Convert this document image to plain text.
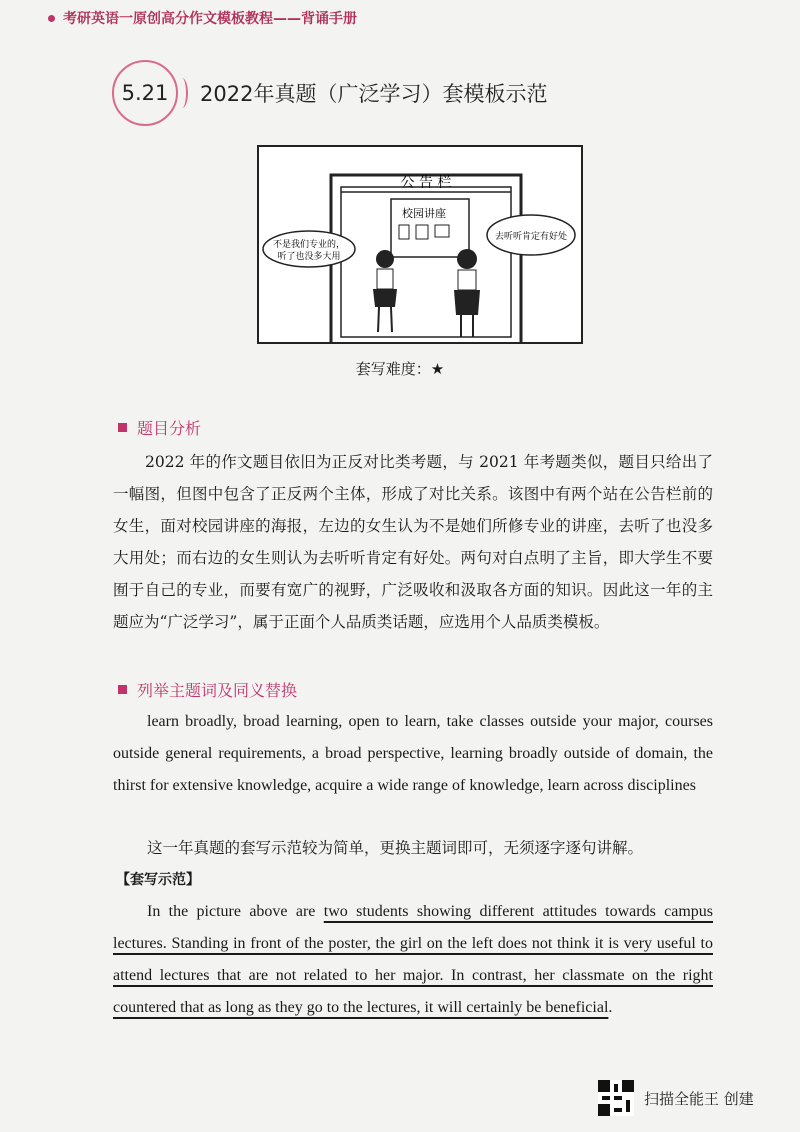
考研英语一原创高分作文模板教程——背诵手册
5.21	2022年真题（广泛学习）套模板示范
公 告 栏
校园讲座
不是我们专业的，
听了也没多大用
去听听肯定有好处
套写难度：★
题目分析
2022 年的作文题目依旧为正反对比类考题，与 2021 年考题类似，题目只给出了一幅图，但图中包含了正反两个主体，形成了对比关系。该图中有两个站在公告栏前的女生，面对校园讲座的海报，左边的女生认为不是她们所修专业的讲座，去听了也没多大用处；而右边的女生则认为去听听肯定有好处。两句对白点明了主旨，即大学生不要囿于自己的专业，而要有宽广的视野，广泛吸收和汲取各方面的知识。因此这一年的主题应为“广泛学习”，属于正面个人品质类话题，应选用个人品质类模板。
列举主题词及同义替换
learn broadly, broad learning, open to learn, take classes outside your major, courses outside general requirements, a broad perspective, learning broadly outside of domain, the thirst for extensive knowledge, acquire a wide range of knowledge, learn across disciplines
这一年真题的套写示范较为简单，更换主题词即可，无须逐字逐句讲解。
【套写示范】
In the picture above are two students showing different attitudes towards campus lectures. Standing in front of the poster, the girl on the left does not think it is very useful to attend lectures that are not related to her major. In contrast, her classmate on the right countered that as long as they go to the lectures, it will certainly be beneficial.
扫描全能王 创建
